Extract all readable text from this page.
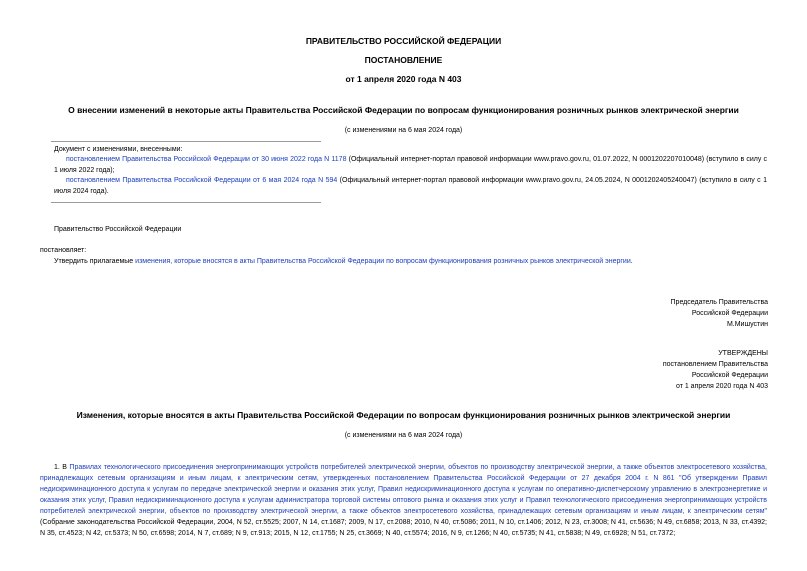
ПРАВИТЕЛЬСТВО РОССИЙСКОЙ ФЕДЕРАЦИИ
ПОСТАНОВЛЕНИЕ
от 1 апреля 2020 года N 403
О внесении изменений в некоторые акты Правительства Российской Федерации по вопросам функционирования розничных рынков электрической энергии
(с изменениями на 6 мая 2024 года)
Документ с изменениями, внесенными:
постановлением Правительства Российской Федерации от 30 июня 2022 года N 1178 (Официальный интернет-портал правовой информации www.pravo.gov.ru, 01.07.2022, N 0001202207010048) (вступило в силу с 1 июля 2022 года);
постановлением Правительства Российской Федерации от 6 мая 2024 года N 594 (Официальный интернет-портал правовой информации www.pravo.gov.ru, 24.05.2024, N 0001202405240047) (вступило в силу с 1 июля 2024 года).
Правительство Российской Федерации
постановляет:
Утвердить прилагаемые изменения, которые вносятся в акты Правительства Российской Федерации по вопросам функционирования розничных рынков электрической энергии.
Председатель Правительства
Российской Федерации
М.Мишустин
УТВЕРЖДЕНЫ
постановлением Правительства
Российской Федерации
от 1 апреля 2020 года N 403
Изменения, которые вносятся в акты Правительства Российской Федерации по вопросам функционирования розничных рынков электрической энергии
(с изменениями на 6 мая 2024 года)
1. В Правилах технологического присоединения энергопринимающих устройств потребителей электрической энергии, объектов по производству электрической энергии, а также объектов электросетевого хозяйства, принадлежащих сетевым организациям и иным лицам, к электрическим сетям, утвержденных постановлением Правительства Российской Федерации от 27 декабря 2004 г. N 861 "Об утверждении Правил недискриминационного доступа к услугам по передаче электрической энергии и оказания этих услуг, Правил недискриминационного доступа к услугам по оперативно-диспетчерскому управлению в электроэнергетике и оказания этих услуг, Правил недискриминационного доступа к услугам администратора торговой системы оптового рынка и оказания этих услуг и Правил технологического присоединения энергопринимающих устройств потребителей электрической энергии, объектов по производству электрической энергии, а также объектов электросетевого хозяйства, принадлежащих сетевым организациям и иным лицам, к электрическим сетям" (Собрание законодательства Российской Федерации, 2004, N 52, ст.5525; 2007, N 14, ст.1687; 2009, N 17, ст.2088; 2010, N 40, ст.5086; 2011, N 10, ст.1406; 2012, N 23, ст.3008; N 41, ст.5636; N 49, ст.6858; 2013, N 33, ст.4392; N 35, ст.4523; N 42, ст.5373; N 50, ст.6598; 2014, N 7, ст.689; N 9, ст.913; 2015, N 12, ст.1755; N 25, ст.3669; N 40, ст.5574; 2016, N 9, ст.1266; N 40, ст.5735; N 41, ст.5838; N 49, ст.6928; N 51, ст.7372;
